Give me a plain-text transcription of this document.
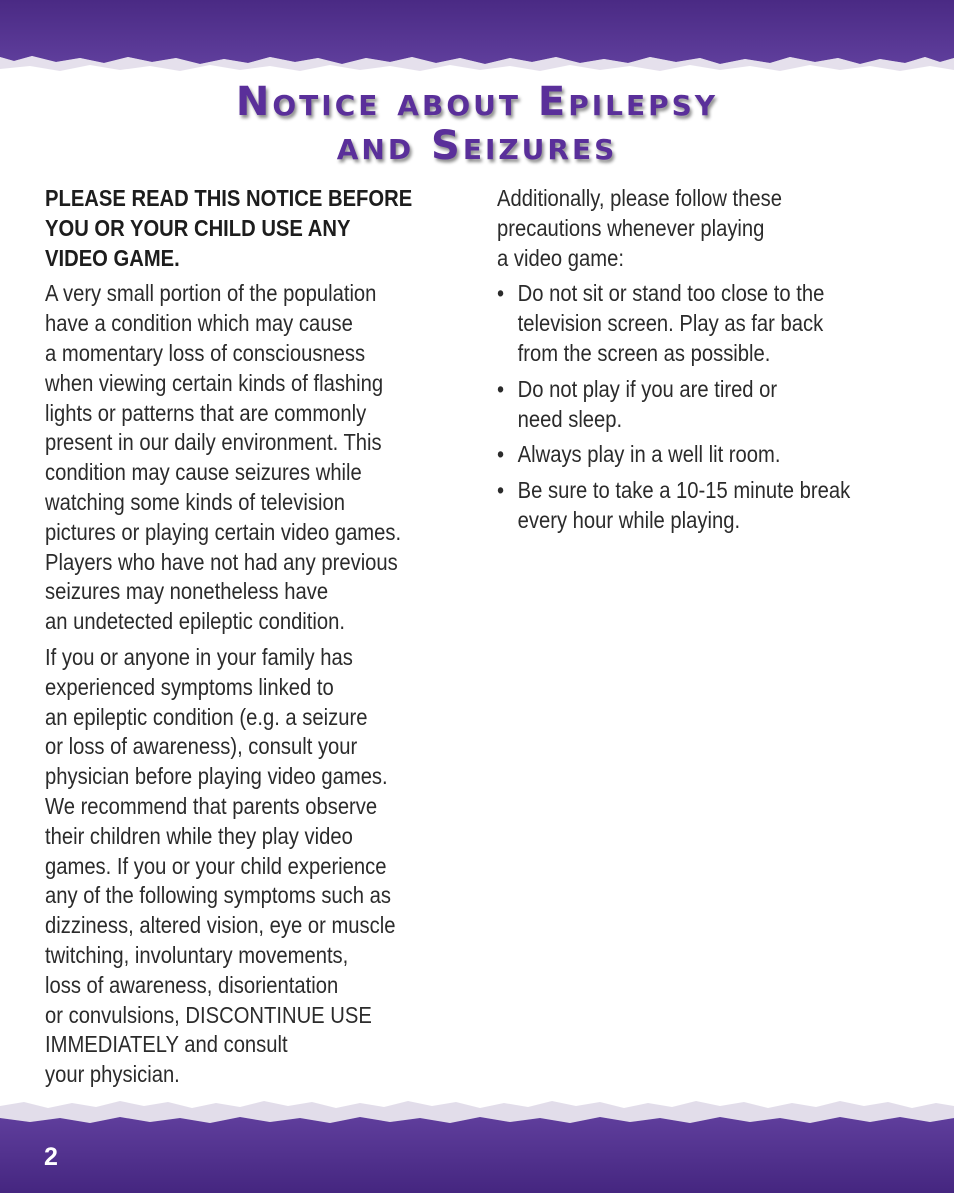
Notice about Epilepsy
and Seizures

PLEASE READ THIS NOTICE BEFORE
YOU OR YOUR CHILD USE ANY
VIDEO GAME.

A very small portion of the population
have a condition which may cause
a momentary loss of consciousness
when viewing certain kinds of flashing
lights or patterns that are commonly
present in our daily environment. This
condition may cause seizures while
watching some kinds of television
pictures or playing certain video games.
Players who have not had any previous
seizures may nonetheless have
an undetected epileptic condition.

If you or anyone in your family has
experienced symptoms linked to
an epileptic condition (e.g. a seizure
or loss of awareness), consult your
physician before playing video games.
We recommend that parents observe
their children while they play video
games. If you or your child experience
any of the following symptoms such as
dizziness, altered vision, eye or muscle
twitching, involuntary movements,
loss of awareness, disorientation
or convulsions, DISCONTINUE USE
IMMEDIATELY and consult
your physician.

Additionally, please follow these
precautions whenever playing
a video game:

• Do not sit or stand too close to the
television screen. Play as far back
from the screen as possible.
• Do not play if you are tired or
need sleep.
• Always play in a well lit room.
• Be sure to take a 10-15 minute break
every hour while playing.
2
